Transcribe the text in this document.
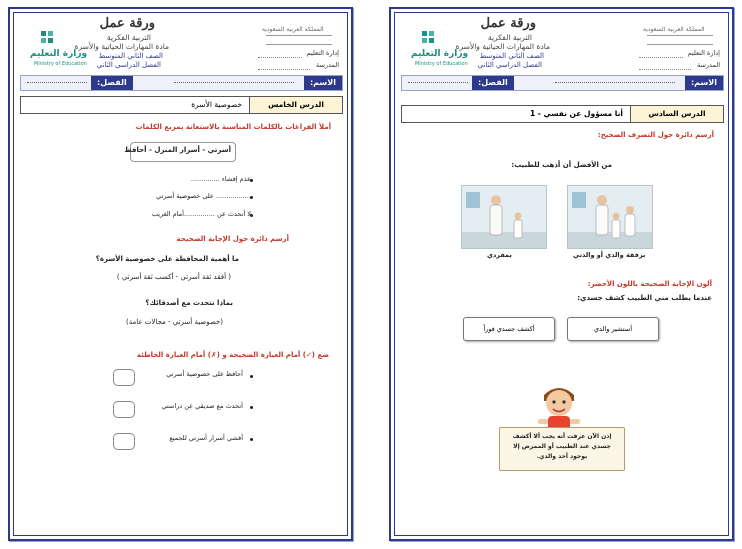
ورقة عمل
التربية الفكرية
مادة المهارات الحياتية والأسرة
الصف الثاني المتوسط
الفصل الدراسي الثاني
المملكة العربية السعودية
إدارة التعليم
المدرسة
وزارة التعليم
Ministry of Education
الاسم:
الفصل:
الدرس الخامس
خصوصية الأسرة
أملأ الفراغات بالكلمات المناسبة بالاستعانة بمربع الكلمات
أسرتي - أسرار المنزل - أحافظ
عدم إفشاء ..............
................. على خصوصية أسرتي
لا أتحدث عن ...............أمام الغريب
أرسم دائرة حول الإجابة الصحيحة
ما أهمية المحافظة على خصوصية الأسرة؟
( أفقد ثقة أسرتي - أكسب ثقة أسرتي )
بماذا نتحدث مع أصدقائك؟
(خصوصية أسرتي - مجالات عامة)
ضع (✓) أمام العبارة الصحيحة و (✗) أمام العبارة الخاطئة
أحافظ على خصوصية أسرتي
أتحدث مع صديقي عن دراستي
أفشي أسرار أسرتي للجميع
ورقة عمل
التربية الفكرية
مادة المهارات الحياتية والأسرة
الصف الثاني المتوسط
الفصل الدراسي الثاني
المملكة العربية السعودية
إدارة التعليم
المدرسة
وزارة التعليم
Ministry of Education
الاسم:
الفصل:
الدرس السادس
أنا مسؤول عن نفسي - 1
أرسم دائرة حول التصرف الصحيح:
من الأفضل أن أذهب للطبيب:
برفقة والدي أو والدتي
بمفردي
ألون الإجابة الصحيحة باللون الأخضر:
عندما يطلب مني الطبيب كشف جسدي:
أستشير والدي
أكشف جسدي فوراً
إذن الآن عرفت أنه يجب ألا أكشف جسدي عند الطبيب أو الممرض إلا بوجود أحد والدي.
